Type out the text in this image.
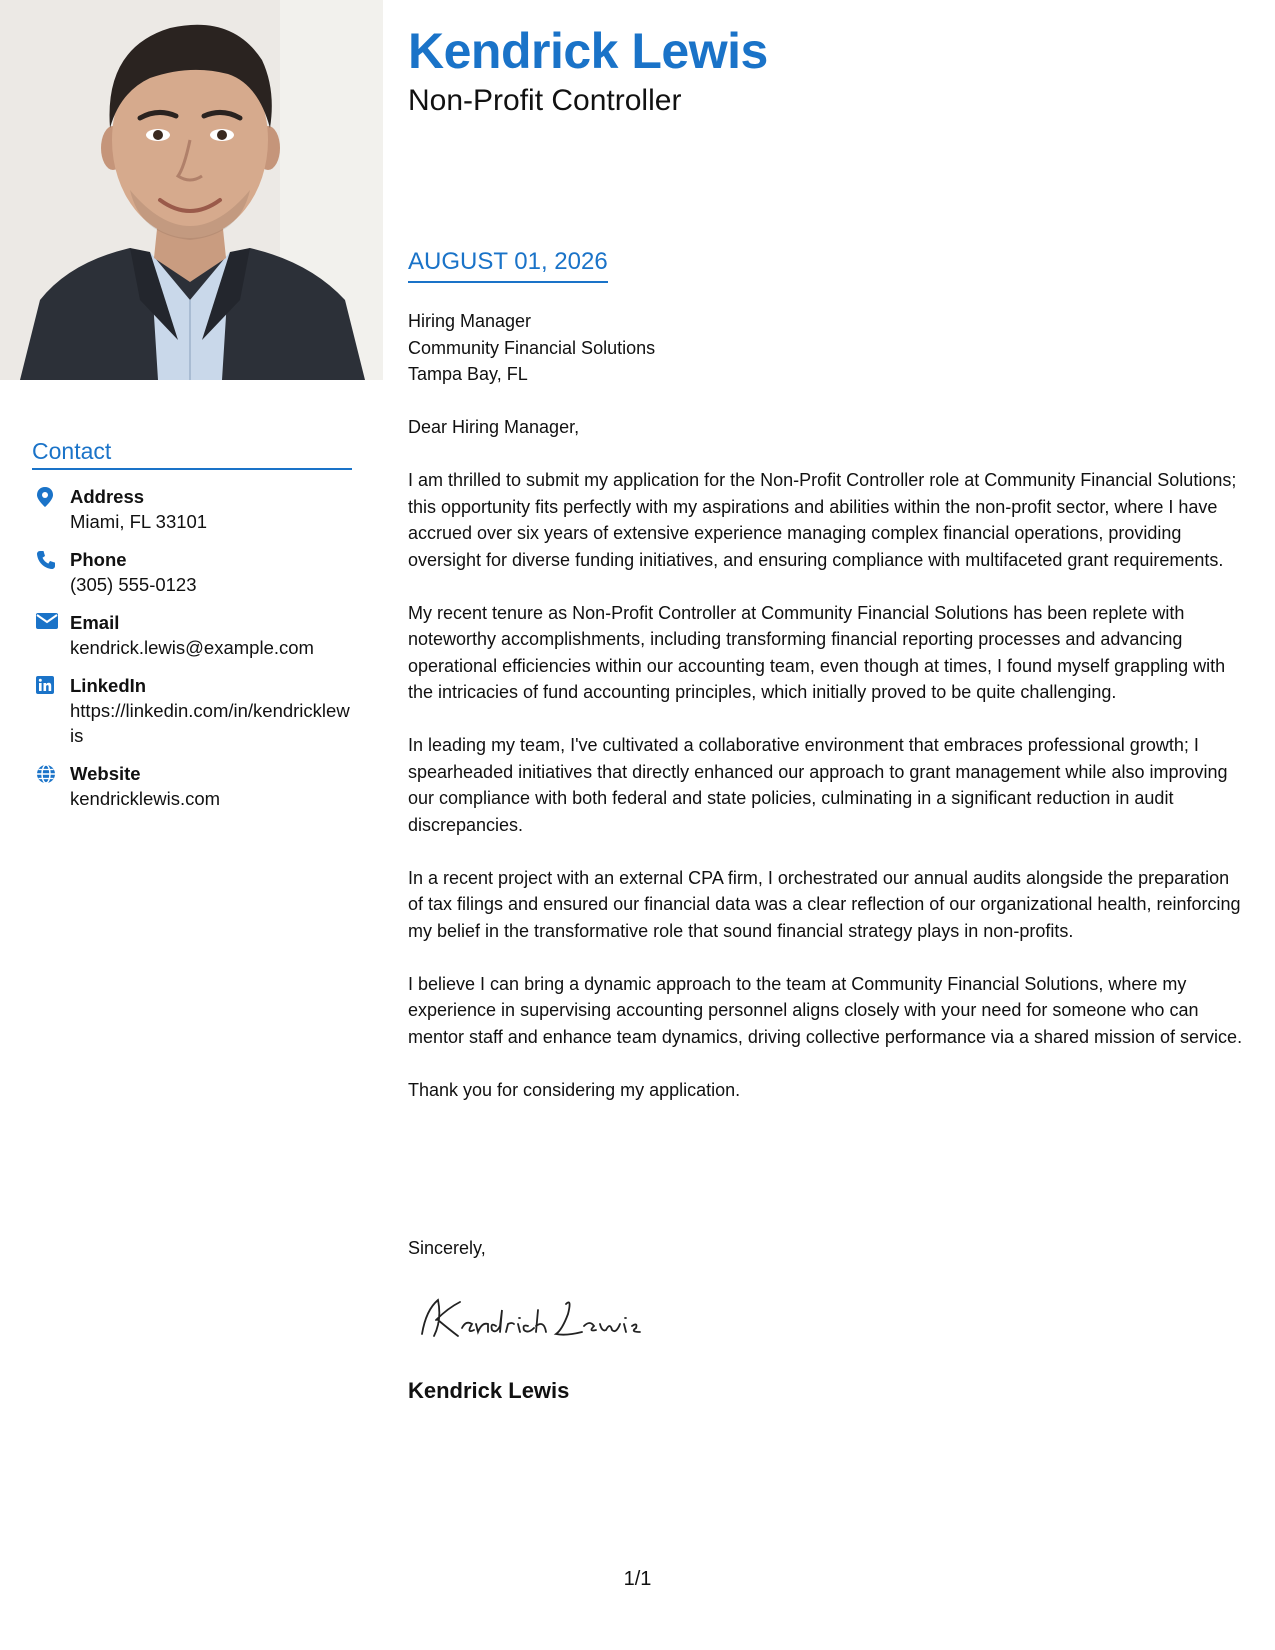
Contact
Address
Miami, FL 33101
Phone
(305) 555-0123
Email
kendrick.lewis@example.com
LinkedIn
https://linkedin.com/in/kendricklewis
Website
kendricklewis.com
Kendrick Lewis
Non-Profit Controller
AUGUST 01, 2026
Hiring Manager
Community Financial Solutions
Tampa Bay, FL

Dear Hiring Manager,

I am thrilled to submit my application for the Non-Profit Controller role at Community Financial Solutions; this opportunity fits perfectly with my aspirations and abilities within the non-profit sector, where I have accrued over six years of extensive experience managing complex financial operations, providing oversight for diverse funding initiatives, and ensuring compliance with multifaceted grant requirements.

My recent tenure as Non-Profit Controller at Community Financial Solutions has been replete with noteworthy accomplishments, including transforming financial reporting processes and advancing operational efficiencies within our accounting team, even though at times, I found myself grappling with the intricacies of fund accounting principles, which initially proved to be quite challenging.

In leading my team, I've cultivated a collaborative environment that embraces professional growth; I spearheaded initiatives that directly enhanced our approach to grant management while also improving our compliance with both federal and state policies, culminating in a significant reduction in audit discrepancies.

In a recent project with an external CPA firm, I orchestrated our annual audits alongside the preparation of tax filings and ensured our financial data was a clear reflection of our organizational health, reinforcing my belief in the transformative role that sound financial strategy plays in non-profits.

I believe I can bring a dynamic approach to the team at Community Financial Solutions, where my experience in supervising accounting personnel aligns closely with your need for someone who can mentor staff and enhance team dynamics, driving collective performance via a shared mission of service.

Thank you for considering my application.

Sincerely,
Kendrick Lewis
1/1
